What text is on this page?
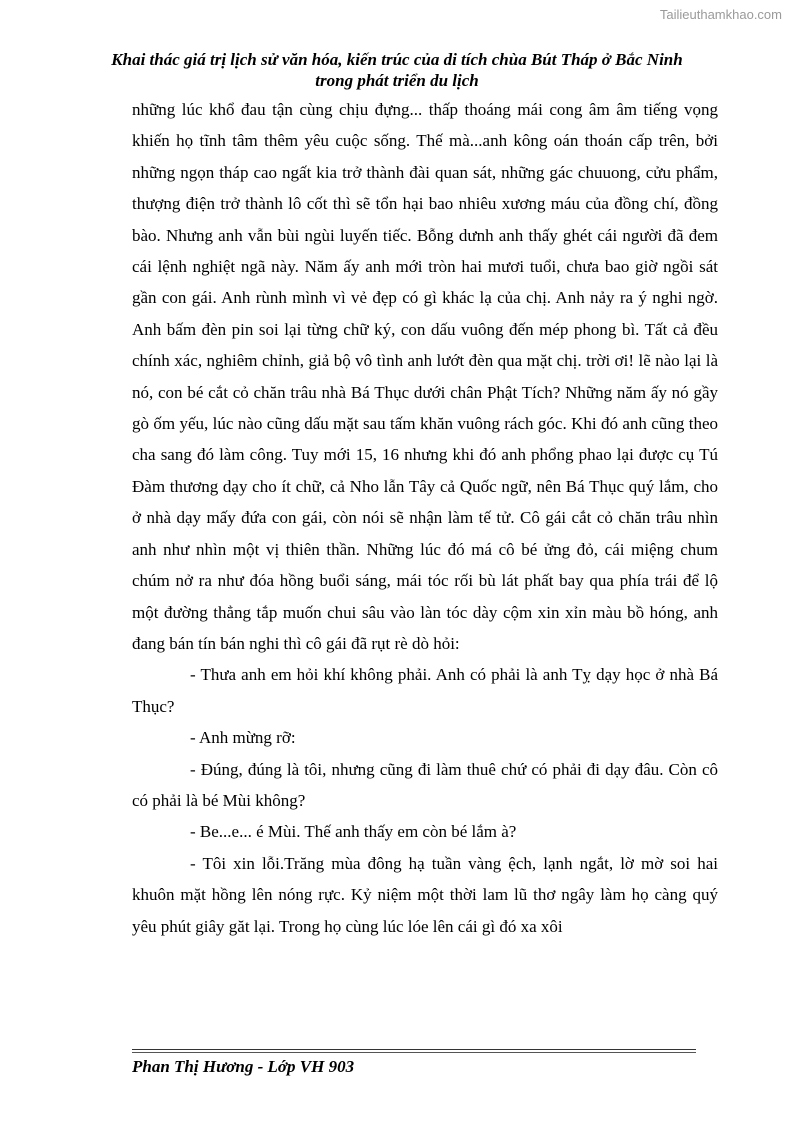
Tailieuthamkhao.com
Khai thác giá trị lịch sử văn hóa, kiến trúc của di tích chùa Bút Tháp ở Bắc Ninh trong phát triển du lịch

những lúc khổ đau tận cùng chịu đựng... thấp thoáng mái cong âm âm tiếng vọng khiến họ tĩnh tâm thêm yêu cuộc sống. Thế mà...anh kông oán thoán cấp trên, bởi những ngọn tháp cao ngất kia trở thành đài quan sát, những gác chuuong, cửu phẩm, thượng điện trở thành lô cốt thì sẽ tổn hại bao nhiêu xương máu của đồng chí, đồng bào. Nhưng anh vẫn bùi ngùi luyến tiếc. Bỗng dưnh anh thấy ghét cái người đã đem cái lệnh nghiệt ngã này. Năm ấy anh mới tròn hai mươi tuổi, chưa bao giờ ngồi sát gần con gái. Anh rùnh mình vì vẻ đẹp có gì khác lạ của chị. Anh nảy ra ý nghi ngờ. Anh bấm đèn pin soi lại từng chữ ký, con dấu vuông đến mép phong bì. Tất cả đều chính xác, nghiêm chỉnh, giả bộ vô tình anh lướt đèn qua mặt chị. trời ơi! lẽ nào lại là nó, con bé cắt cỏ chăn trâu nhà Bá Thục dưới chân Phật Tích? Những năm ấy nó gầy gò ốm yếu, lúc nào cũng dấu mặt sau tấm khăn vuông rách góc. Khi đó anh cũng theo cha sang đó làm công. Tuy mới 15, 16 nhưng khi đó anh phổng phao lại được cụ Tú Đàm thương dạy cho ít chữ, cả Nho lẫn Tây cả Quốc ngữ, nên Bá Thục quý lắm, cho ở nhà dạy mấy đứa con gái, còn nói sẽ nhận làm tế tử. Cô gái cắt cỏ chăn trâu nhìn anh như nhìn một vị thiên thần. Những lúc đó má cô bé ửng đỏ, cái miệng chum chúm nở ra như đóa hồng buổi sáng, mái tóc rối bù lát phất bay qua phía trái để lộ một đường thẳng tắp muốn chui sâu vào làn tóc dày cộm xin xỉn màu bồ hóng, anh đang bán tín bán nghi thì cô gái đã rụt rè dò hỏi:

- Thưa anh em hỏi khí không phải. Anh có phải là anh Tỵ dạy học ở nhà Bá Thục?

- Anh mừng rỡ:

- Đúng, đúng là tôi, nhưng cũng đi làm thuê chứ có phải đi dạy đâu. Còn cô có phải là bé Mùi không?

- Be...e... é Mùi. Thế anh thấy em còn bé lắm à?

- Tôi xin lỗi.Trăng mùa đông hạ tuần vàng ệch, lạnh ngắt, lờ mờ soi hai khuôn mặt hồng lên nóng rực. Kỷ niệm một thời lam lũ thơ ngây làm họ càng quý yêu phút giây găt lại. Trong họ cùng lúc lóe lên cái gì đó xa xôi

Phan Thị Hương - Lớp VH 903
